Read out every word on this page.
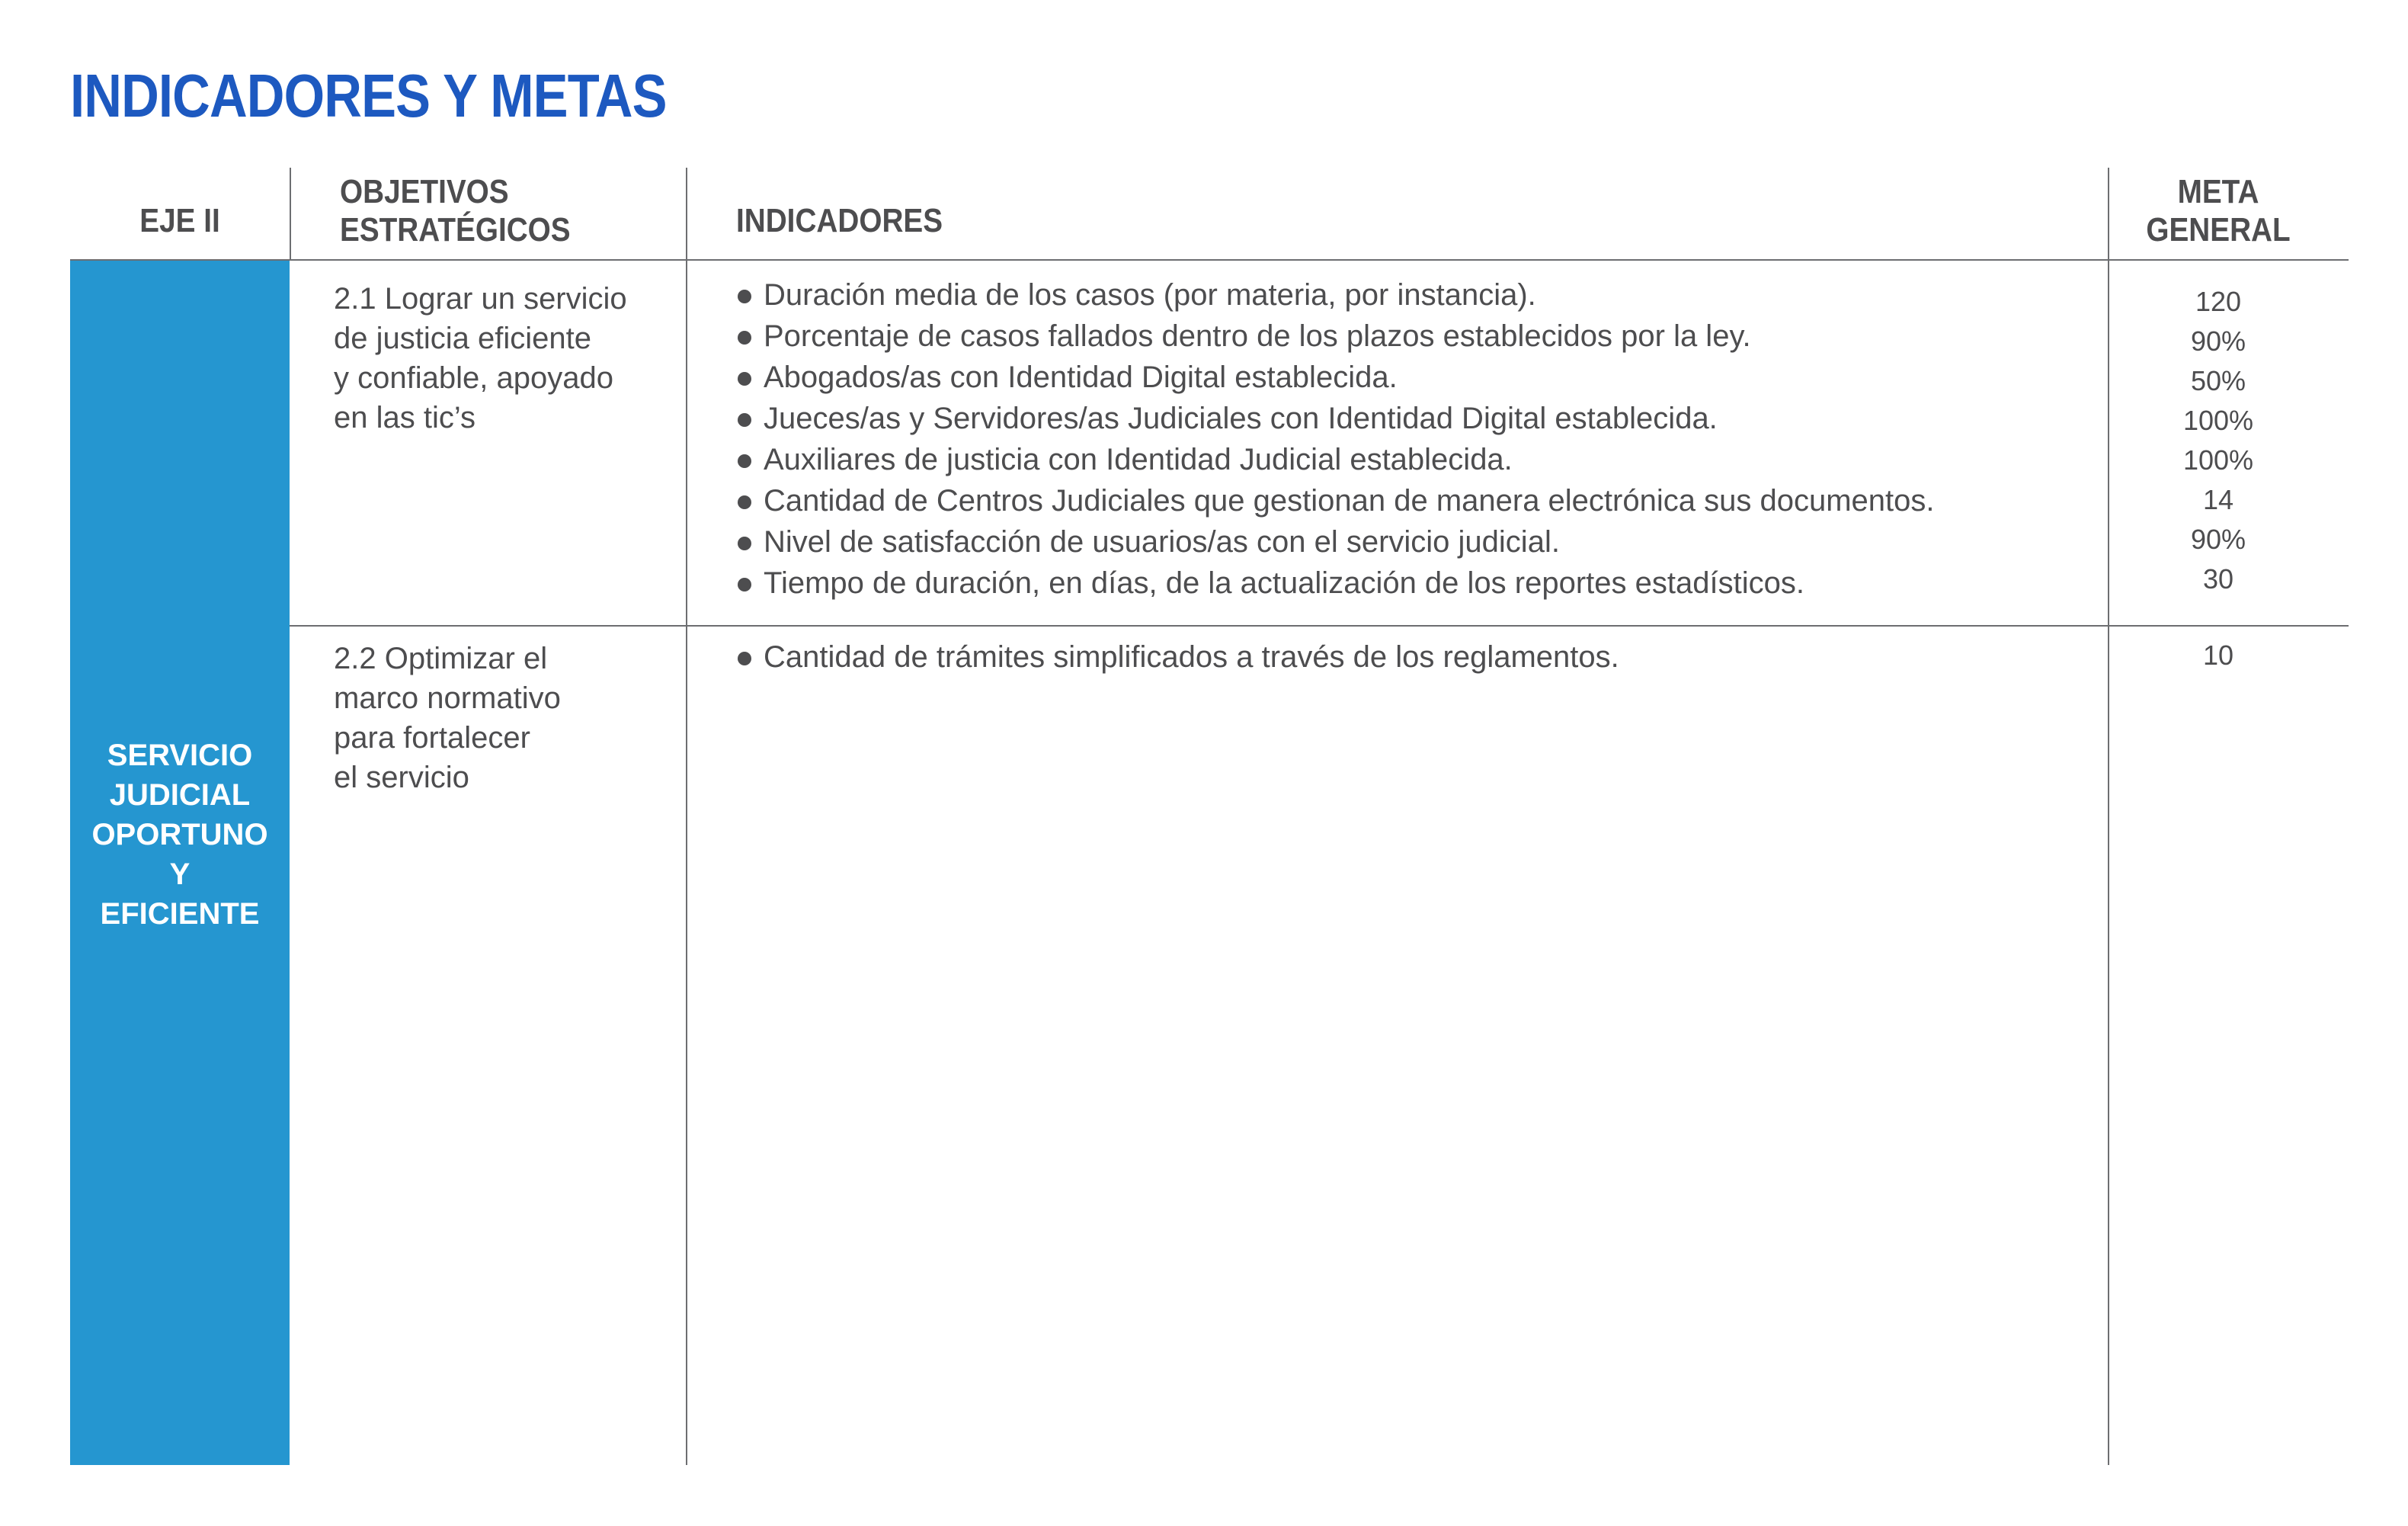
INDICADORES Y METAS
EJE II
OBJETIVOS
ESTRATÉGICOS	INDICADORES
META
GENERAL
SERVICIO
JUDICIAL
OPORTUNO
Y
EFICIENTE
2.1 Lograr un servicio
de justicia eficiente
y confiable, apoyado
en las tic’s
Duración media de los casos (por materia, por instancia).
Porcentaje de casos fallados dentro de los plazos establecidos por la ley.
Abogados/as con Identidad Digital establecida.
Jueces/as y Servidores/as Judiciales con Identidad Digital establecida.
Auxiliares de justicia con Identidad Judicial establecida.
Cantidad de Centros Judiciales que gestionan de manera electrónica sus documentos.
Nivel de satisfacción de usuarios/as con el servicio judicial.
Tiempo de duración, en días, de la actualización de los reportes estadísticos.
120
90%
50%
100%
100%
14
90%
30
2.2 Optimizar el
marco normativo
para fortalecer
el servicio
Cantidad de trámites simplificados a través de los reglamentos.	10
